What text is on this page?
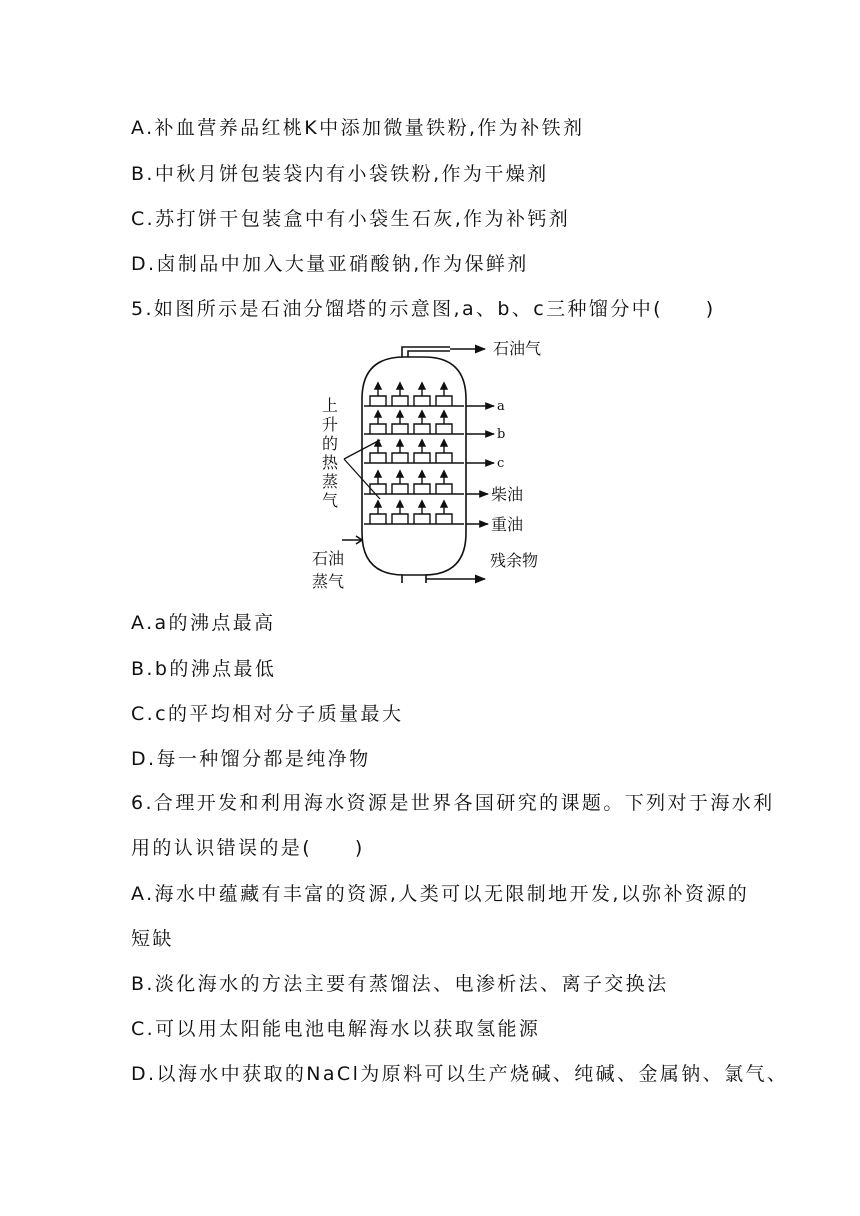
A.补血营养品红桃K中添加微量铁粉,作为补铁剂
B.中秋月饼包装袋内有小袋铁粉,作为干燥剂
C.苏打饼干包装盒中有小袋生石灰,作为补钙剂
D.卤制品中加入大量亚硝酸钠,作为保鲜剂
5.如图所示是石油分馏塔的示意图,a、b、c三种馏分中(　　)
石油气
a
b
c
柴油
重油
残余物
上
升
的
热
蒸
气
石油
蒸气
A.a的沸点最高
B.b的沸点最低
C.c的平均相对分子质量最大
D.每一种馏分都是纯净物
6.合理开发和利用海水资源是世界各国研究的课题。下列对于海水利
用的认识错误的是(　　)
A.海水中蕴藏有丰富的资源,人类可以无限制地开发,以弥补资源的
短缺
B.淡化海水的方法主要有蒸馏法、电渗析法、离子交换法
C.可以用太阳能电池电解海水以获取氢能源
D.以海水中获取的NaCl为原料可以生产烧碱、纯碱、金属钠、氯气、
